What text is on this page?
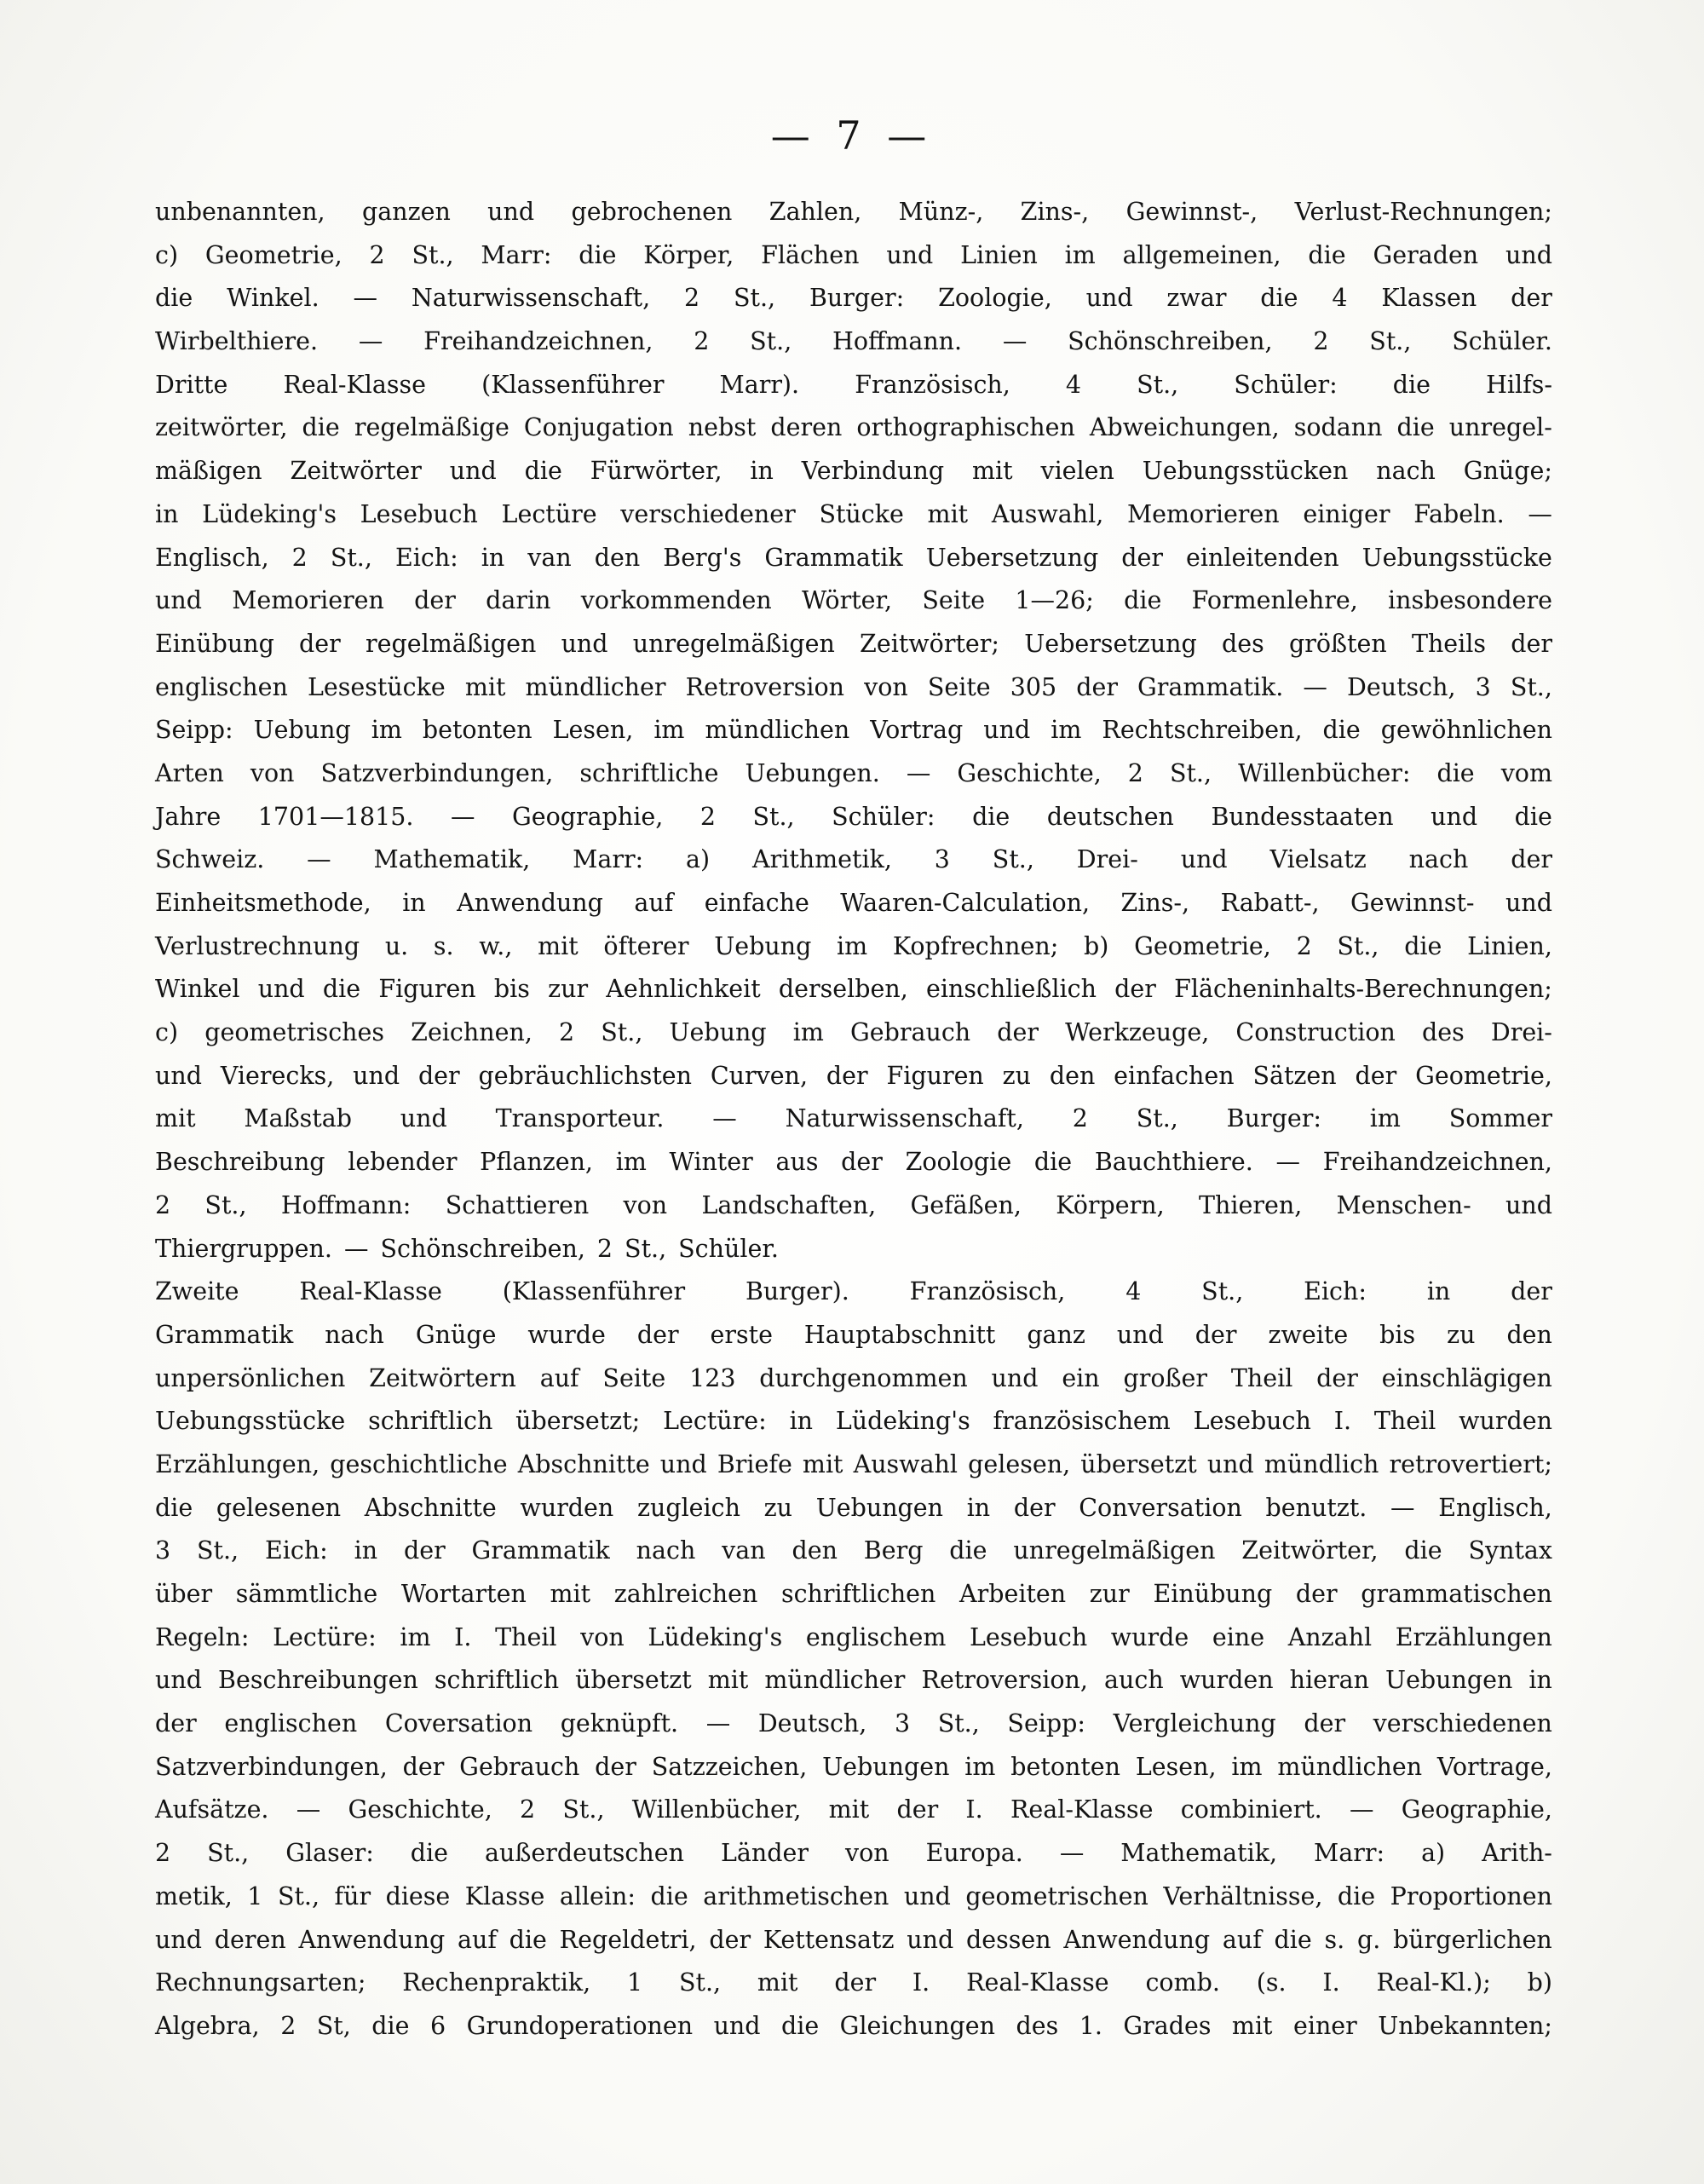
— 7 —
unbenannten, ganzen und gebrochenen Zahlen, Münz-, Zins-, Gewinnst-, Verlust-Rechnungen;
c) Geometrie, 2 St., Marr: die Körper, Flächen und Linien im allgemeinen, die Geraden und
die Winkel. — Naturwissenschaft, 2 St., Burger: Zoologie, und zwar die 4 Klassen der
Wirbelthiere. — Freihandzeichnen, 2 St., Hoffmann. — Schönschreiben, 2 St., Schüler.
Dritte Real-Klasse (Klassenführer Marr). Französisch, 4 St., Schüler: die Hilfs-
zeitwörter, die regelmäßige Conjugation nebst deren orthographischen Abweichungen, sodann die unregel-
mäßigen Zeitwörter und die Fürwörter, in Verbindung mit vielen Uebungsstücken nach Gnüge;
in Lüdeking's Lesebuch Lectüre verschiedener Stücke mit Auswahl, Memorieren einiger Fabeln. —
Englisch, 2 St., Eich: in van den Berg's Grammatik Uebersetzung der einleitenden Uebungsstücke
und Memorieren der darin vorkommenden Wörter, Seite 1—26; die Formenlehre, insbesondere
Einübung der regelmäßigen und unregelmäßigen Zeitwörter; Uebersetzung des größten Theils der
englischen Lesestücke mit mündlicher Retroversion von Seite 305 der Grammatik. — Deutsch, 3 St.,
Seipp: Uebung im betonten Lesen, im mündlichen Vortrag und im Rechtschreiben, die gewöhnlichen
Arten von Satzverbindungen, schriftliche Uebungen. — Geschichte, 2 St., Willenbücher: die vom
Jahre 1701—1815. — Geographie, 2 St., Schüler: die deutschen Bundesstaaten und die
Schweiz. — Mathematik, Marr: a) Arithmetik, 3 St., Drei- und Vielsatz nach der
Einheitsmethode, in Anwendung auf einfache Waaren-Calculation, Zins-, Rabatt-, Gewinnst- und
Verlustrechnung u. s. w., mit öfterer Uebung im Kopfrechnen; b) Geometrie, 2 St., die Linien,
Winkel und die Figuren bis zur Aehnlichkeit derselben, einschließlich der Flächeninhalts-Berechnungen;
c) geometrisches Zeichnen, 2 St., Uebung im Gebrauch der Werkzeuge, Construction des Drei-
und Vierecks, und der gebräuchlichsten Curven, der Figuren zu den einfachen Sätzen der Geometrie,
mit Maßstab und Transporteur. — Naturwissenschaft, 2 St., Burger: im Sommer
Beschreibung lebender Pflanzen, im Winter aus der Zoologie die Bauchthiere. — Freihandzeichnen,
2 St., Hoffmann: Schattieren von Landschaften, Gefäßen, Körpern, Thieren, Menschen- und
Thiergruppen. — Schönschreiben, 2 St., Schüler.
Zweite Real-Klasse (Klassenführer Burger). Französisch, 4 St., Eich: in der
Grammatik nach Gnüge wurde der erste Hauptabschnitt ganz und der zweite bis zu den
unpersönlichen Zeitwörtern auf Seite 123 durchgenommen und ein großer Theil der einschlägigen
Uebungsstücke schriftlich übersetzt; Lectüre: in Lüdeking's französischem Lesebuch I. Theil wurden
Erzählungen, geschichtliche Abschnitte und Briefe mit Auswahl gelesen, übersetzt und mündlich retrovertiert;
die gelesenen Abschnitte wurden zugleich zu Uebungen in der Conversation benutzt. — Englisch,
3 St., Eich: in der Grammatik nach van den Berg die unregelmäßigen Zeitwörter, die Syntax
über sämmtliche Wortarten mit zahlreichen schriftlichen Arbeiten zur Einübung der grammatischen
Regeln: Lectüre: im I. Theil von Lüdeking's englischem Lesebuch wurde eine Anzahl Erzählungen
und Beschreibungen schriftlich übersetzt mit mündlicher Retroversion, auch wurden hieran Uebungen in
der englischen Coversation geknüpft. — Deutsch, 3 St., Seipp: Vergleichung der verschiedenen
Satzverbindungen, der Gebrauch der Satzzeichen, Uebungen im betonten Lesen, im mündlichen Vortrage,
Aufsätze. — Geschichte, 2 St., Willenbücher, mit der I. Real-Klasse combiniert. — Geographie,
2 St., Glaser: die außerdeutschen Länder von Europa. — Mathematik, Marr: a) Arith-
metik, 1 St., für diese Klasse allein: die arithmetischen und geometrischen Verhältnisse, die Proportionen
und deren Anwendung auf die Regeldetri, der Kettensatz und dessen Anwendung auf die s. g. bürgerlichen
Rechnungsarten; Rechenpraktik, 1 St., mit der I. Real-Klasse comb. (s. I. Real-Kl.); b)
Algebra, 2 St, die 6 Grundoperationen und die Gleichungen des 1. Grades mit einer Unbekannten;
